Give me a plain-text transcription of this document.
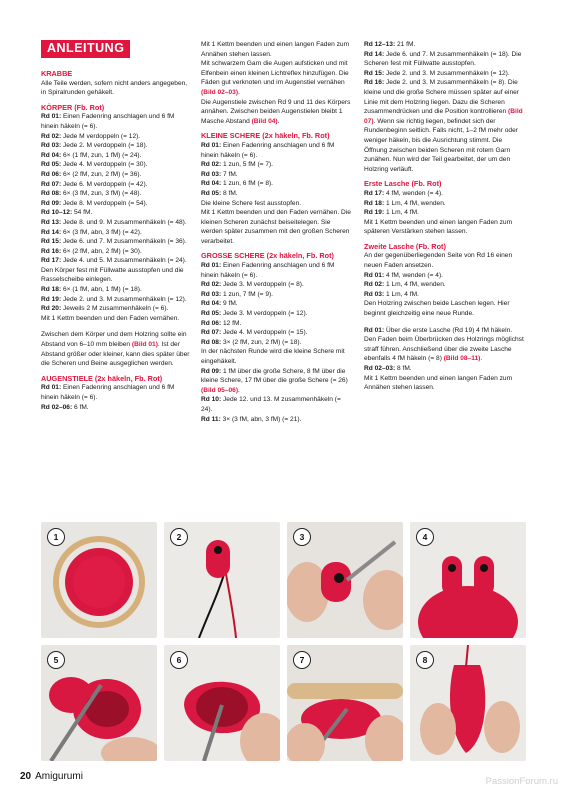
ANLEITUNG
KRABBE
Alle Teile werden, sofern nicht anders angegeben, in Spiralrunden gehäkelt.
KÖRPER (Fb. Rot)
Rd 01: Einen Fadenring anschlagen und 6 fM hinein häkeln (= 6).
Rd 02: Jede M verdoppeln (= 12).
Rd 03: Jede 2. M verdoppeln (= 18).
Rd 04: 6× (1 fM, zun, 1 fM) (= 24).
Rd 05: Jede 4. M verdoppeln (= 30).
Rd 06: 6× (2 fM, zun, 2 fM) (= 36).
Rd 07: Jede 6. M verdoppeln (= 42).
Rd 08: 6× (3 fM, zun, 3 fM) (= 48).
Rd 09: Jede 8. M verdoppeln (= 54).
Rd 10–12: 54 fM.
Rd 13: Jede 8. und 9. M zusammenhäkeln (= 48).
Rd 14: 6× (3 fM, abn, 3 fM) (= 42).
Rd 15: Jede 6. und 7. M zusammenhäkeln (= 36).
Rd 16: 6× (2 fM, abn, 2 fM) (= 30).
Rd 17: Jede 4. und 5. M zusammenhäkeln (= 24). Den Körper fest mit Füllwatte ausstopfen und die Rasselscheibe einlegen.
Rd 18: 6× (1 fM, abn, 1 fM) (= 18).
Rd 19: Jede 2. und 3. M zusammenhäkeln (= 12).
Rd 20: Jeweils 2 M zusammenhäkeln (= 6).
Mit 1 Kettm beenden und den Faden vernähen.
Zwischen dem Körper und dem Holzring sollte ein Abstand von 6–10 mm bleiben (Bild 01). Ist der Abstand größer oder kleiner, kann dies später über die Scheren und Beine ausgeglichen werden.
AUGENSTIELE (2x häkeln, Fb. Rot)
Rd 01: Einen Fadenring anschlagen und 6 fM hinein häkeln (= 6).
Rd 02–06: 6 fM.
Mit 1 Kettm beenden und einen langen Faden zum Annähen stehen lassen.
Mit schwarzem Garn die Augen aufsticken und mit Elfenbein einen kleinen Lichtreflex hinzufügen. Die Fäden gut verknoten und im Augenstiel vernähen (Bild 02–03).
Die Augenstiele zwischen Rd 9 und 11 des Körpers annähen. Zwischen beiden Augenstielen bleibt 1 Masche Abstand (Bild 04).
KLEINE SCHERE (2x häkeln, Fb. Rot)
Rd 01: Einen Fadenring anschlagen und 6 fM hinein häkeln (= 6).
Rd 02: 1 zun, 5 fM (= 7).
Rd 03: 7 fM.
Rd 04: 1 zun, 6 fM (= 8).
Rd 05: 8 fM.
Die kleine Schere fest ausstopfen.
Mit 1 Kettm beenden und den Faden vernähen. Die kleinen Scheren zunächst beiseitelegen. Sie werden später zusammen mit den großen Scheren verarbeitet.
GROSSE SCHERE (2x häkeln, Fb. Rot)
Rd 01: Einen Fadenring anschlagen und 6 fM hinein häkeln (= 6).
Rd 02: Jede 3. M verdoppeln (= 8).
Rd 03: 1 zun, 7 fM (= 9).
Rd 04: 9 fM.
Rd 05: Jede 3. M verdoppeln (= 12).
Rd 06: 12 fM.
Rd 07: Jede 4. M verdoppeln (= 15).
Rd 08: 3× (2 fM, zun, 2 fM) (= 18).
In der nächsten Runde wird die kleine Schere mit eingehäkelt.
Rd 09: 1 fM über die große Schere, 8 fM über die kleine Schere, 17 fM über die große Schere (= 26) (Bild 05–06).
Rd 10: Jede 12. und 13. M zusammenhäkeln (= 24).
Rd 11: 3× (3 fM, abn, 3 fM) (= 21).
Rd 12–13: 21 fM.
Rd 14: Jede 6. und 7. M zusammenhäkeln (= 18). Die Scheren fest mit Füllwatte ausstopfen.
Rd 15: Jede 2. und 3. M zusammenhäkeln (= 12).
Rd 16: Jede 2. und 3. M zusammenhäkeln (= 8). Die kleine und die große Schere müssen später auf einer Linie mit dem Holzring liegen. Dazu die Scheren zusammendrücken und die Position kontrollieren (Bild 07). Wenn sie richtig liegen, befindet sich der Rundenbeginn seitlich. Falls nicht, 1–2 fM mehr oder weniger häkeln, bis die Ausrichtung stimmt. Die Öffnung zwischen beiden Scheren mit rotem Garn zunähen. Nun wird der Teil gearbeitet, der um den Holzring verläuft.
Erste Lasche (Fb. Rot)
Rd 17: 4 fM, wenden (= 4).
Rd 18: 1 Lm, 4 fM, wenden.
Rd 19: 1 Lm, 4 fM.
Mit 1 Kettm beenden und einen langen Faden zum späteren Verstärken stehen lassen.
Zweite Lasche (Fb. Rot)
An der gegenüberliegenden Seite von Rd 16 einen neuen Faden ansetzen.
Rd 01: 4 fM, wenden (= 4).
Rd 02: 1 Lm, 4 fM, wenden.
Rd 03: 1 Lm, 4 fM.
Den Holzring zwischen beide Laschen legen. Hier beginnt gleichzeitig eine neue Runde.
Rd 01: Über die erste Lasche (Rd 19) 4 fM häkeln. Den Faden beim Überbrücken des Holzrings möglichst straff führen. Anschließend über die zweite Lasche ebenfalls 4 fM häkeln (= 8) (Bild 08–11).
Rd 02–03: 8 fM.
Mit 1 Kettm beenden und einen langen Faden zum Annähen stehen lassen.
1	2	3	4
5	6	7	8
20 Amigurumi	PassionForum.ru
